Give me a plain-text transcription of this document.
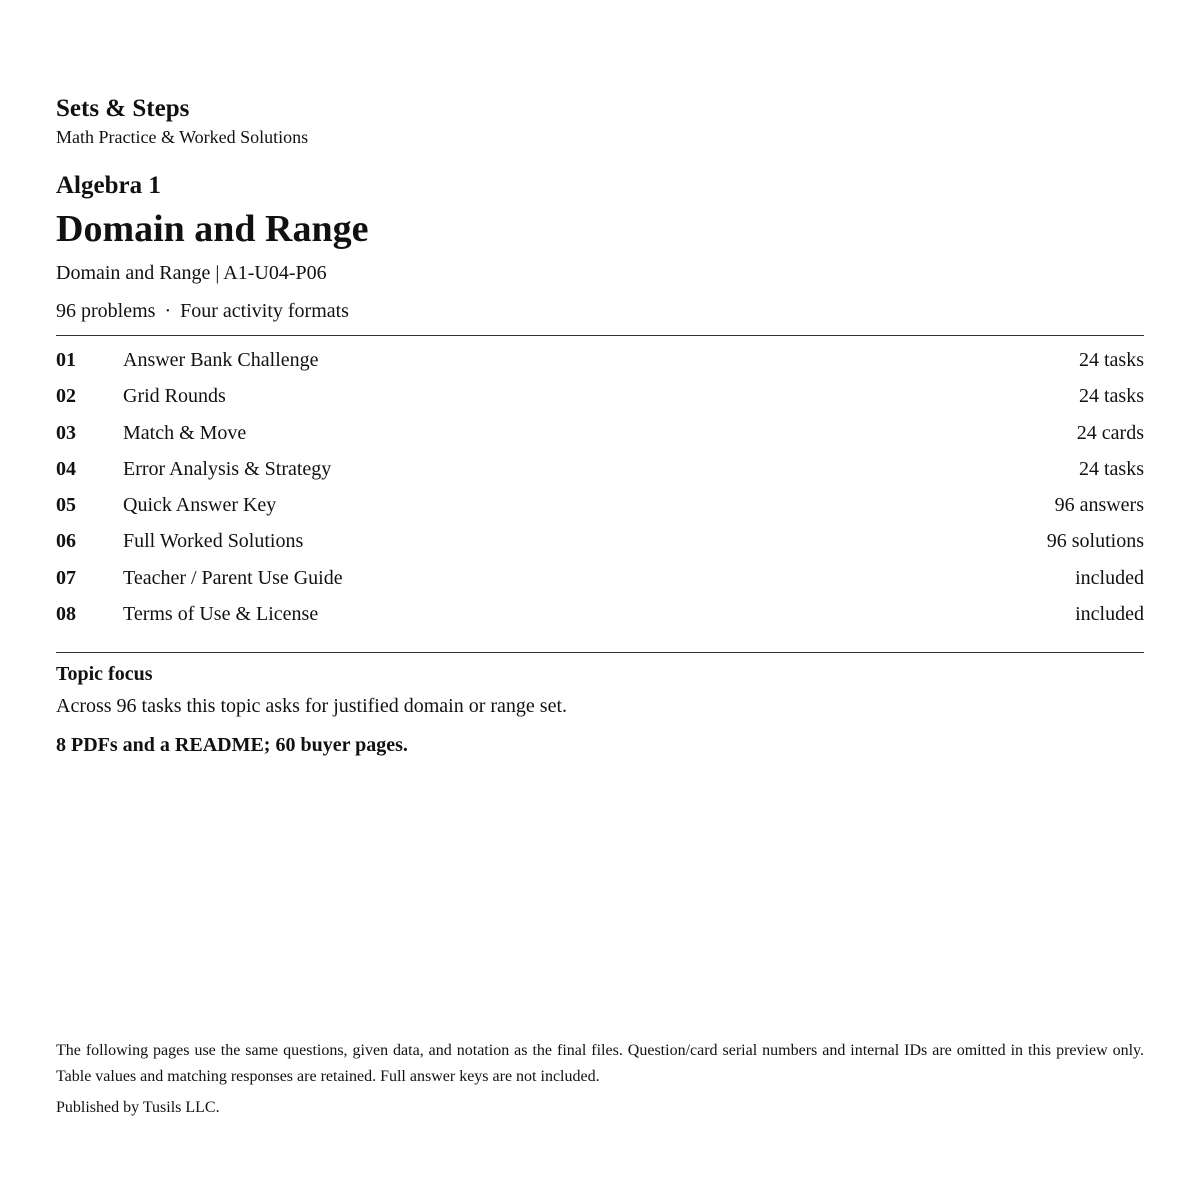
Sets & Steps
Math Practice & Worked Solutions
Algebra 1
Domain and Range
Domain and Range | A1-U04-P06
96 problems · Four activity formats
01 Answer Bank Challenge	24 tasks
02 Grid Rounds	24 tasks
03 Match & Move	24 cards
04 Error Analysis & Strategy	24 tasks
05 Quick Answer Key	96 answers
06 Full Worked Solutions	96 solutions
07 Teacher / Parent Use Guide	included
08 Terms of Use & License	included
Topic focus
Across 96 tasks this topic asks for justified domain or range set.
8 PDFs and a README; 60 buyer pages.

The following pages use the same questions, given data, and notation as the final files. Question/card serial numbers and internal IDs are omitted in this preview only. Table values and matching responses are retained. Full answer keys are not included.

Published by Tusils LLC.
